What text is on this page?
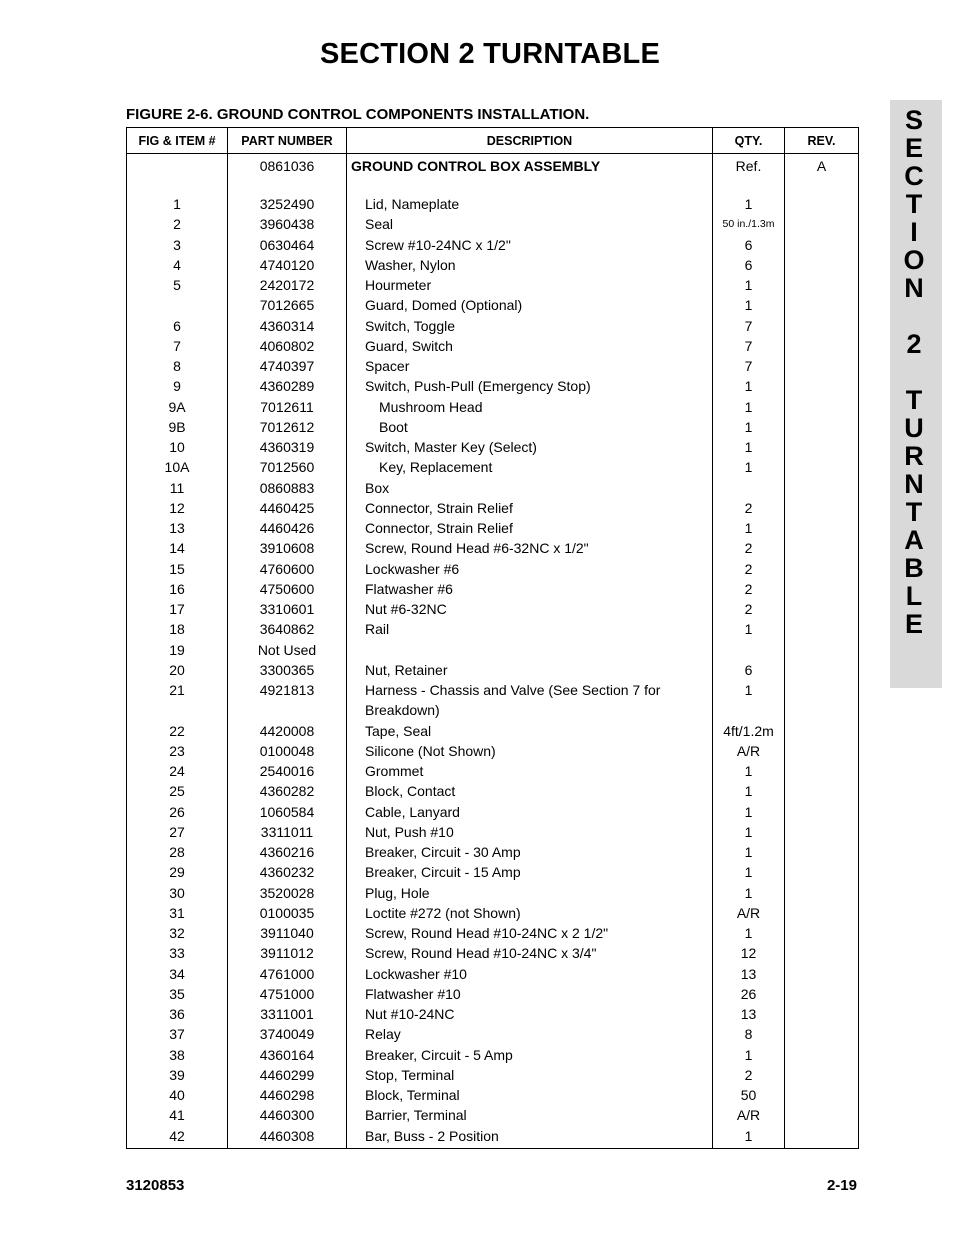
SECTION 2 TURNTABLE
FIGURE 2-6. GROUND CONTROL COMPONENTS INSTALLATION.
FIG & ITEM #	PART NUMBER	DESCRIPTION	QTY.	REV.
	0861036	GROUND CONTROL BOX ASSEMBLY	Ref.	A

1	3252490	Lid, Nameplate	1	
2	3960438	Seal	50 in./1.3m	
3	0630464	Screw #10-24NC x 1/2"	6	
4	4740120	Washer, Nylon	6	
5	2420172	Hourmeter	1	
	7012665	Guard, Domed (Optional)	1	
6	4360314	Switch, Toggle	7	
7	4060802	Guard, Switch	7	
8	4740397	Spacer	7	
9	4360289	Switch, Push-Pull (Emergency Stop)	1	
9A	7012611	Mushroom Head	1	
9B	7012612	Boot	1	
10	4360319	Switch, Master Key (Select)	1	
10A	7012560	Key, Replacement	1	
11	0860883	Box		
12	4460425	Connector, Strain Relief	2	
13	4460426	Connector, Strain Relief	1	
14	3910608	Screw, Round Head #6-32NC x 1/2"	2	
15	4760600	Lockwasher #6	2	
16	4750600	Flatwasher #6	2	
17	3310601	Nut #6-32NC	2	
18	3640862	Rail	1	
19	Not Used			
20	3300365	Nut, Retainer	6	
21	4921813	Harness - Chassis and Valve (See Section 7 for	1	
		Breakdown)		
22	4420008	Tape, Seal	4ft/1.2m	
23	0100048	Silicone (Not Shown)	A/R	
24	2540016	Grommet	1	
25	4360282	Block, Contact	1	
26	1060584	Cable, Lanyard	1	
27	3311011	Nut, Push #10	1	
28	4360216	Breaker, Circuit - 30 Amp	1	
29	4360232	Breaker, Circuit - 15 Amp	1	
30	3520028	Plug, Hole	1	
31	0100035	Loctite #272 (not Shown)	A/R	
32	3911040	Screw, Round Head #10-24NC x 2 1/2"	1	
33	3911012	Screw, Round Head #10-24NC x 3/4"	12	
34	4761000	Lockwasher #10	13	
35	4751000	Flatwasher #10	26	
36	3311001	Nut #10-24NC	13	
37	3740049	Relay	8	
38	4360164	Breaker, Circuit - 5 Amp	1	
39	4460299	Stop, Terminal	2	
40	4460298	Block, Terminal	50	
41	4460300	Barrier, Terminal	A/R	
42	4460308	Bar, Buss - 2 Position	1	
S
E
C
T
I
O
N
2
T
U
R
N
T
A
B
L
E
3120853	2-19
